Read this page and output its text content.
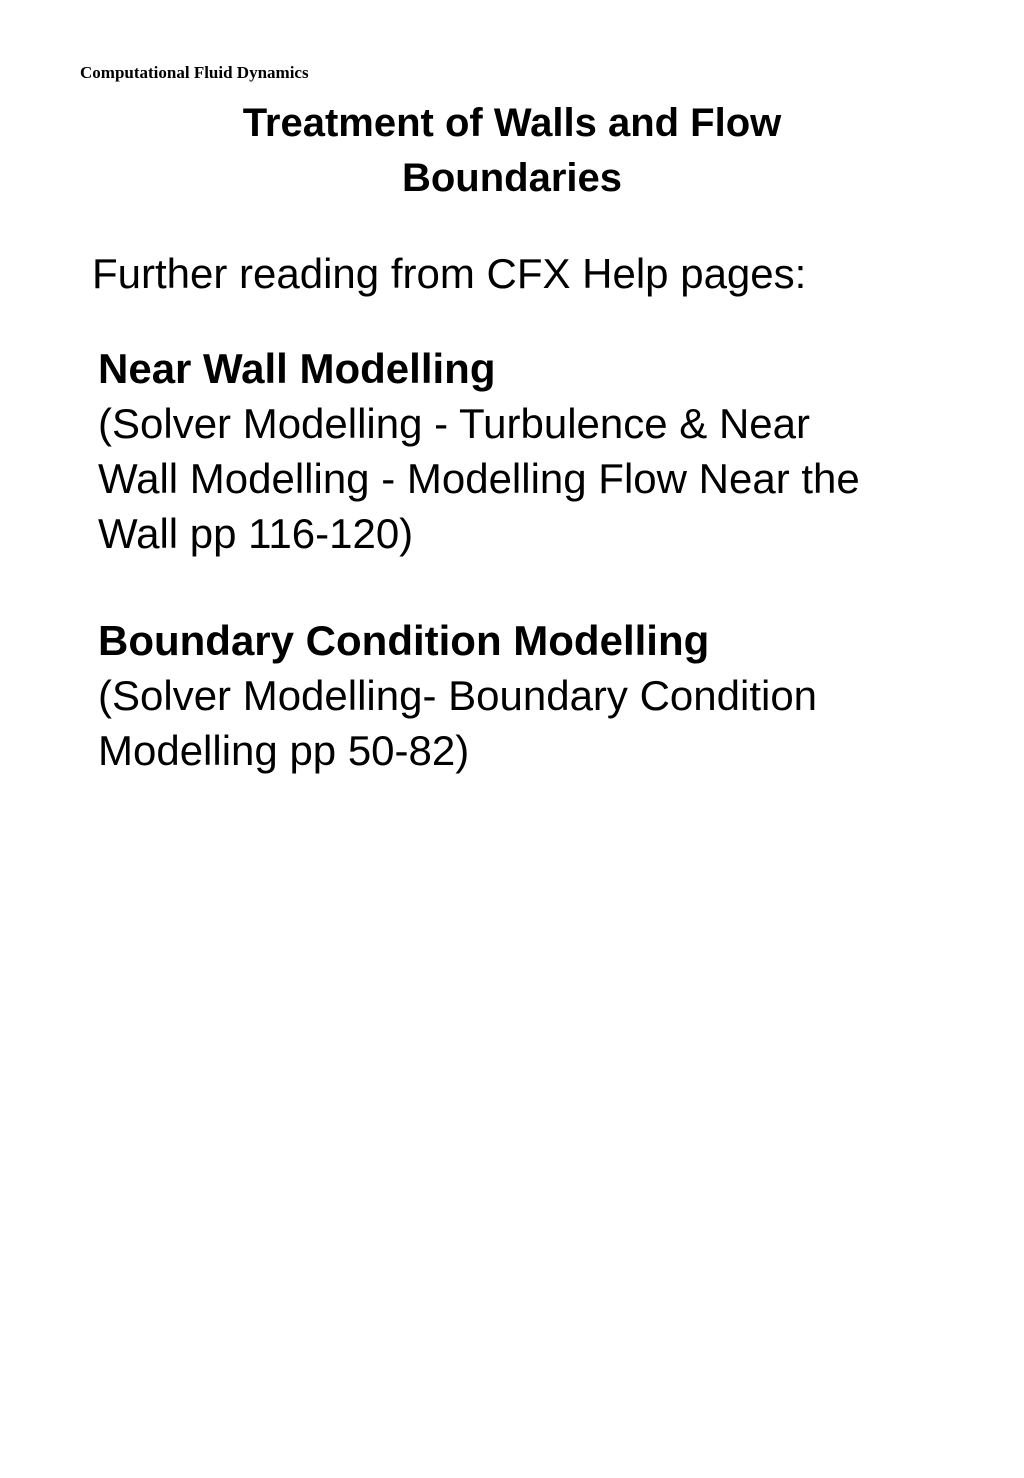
Computational Fluid Dynamics
Treatment of Walls and Flow
Boundaries
Further reading from CFX Help pages:
Near Wall Modelling
(Solver Modelling - Turbulence & Near
Wall Modelling - Modelling Flow Near the
Wall pp 116-120)
Boundary Condition Modelling
(Solver Modelling- Boundary Condition
Modelling pp 50-82)
